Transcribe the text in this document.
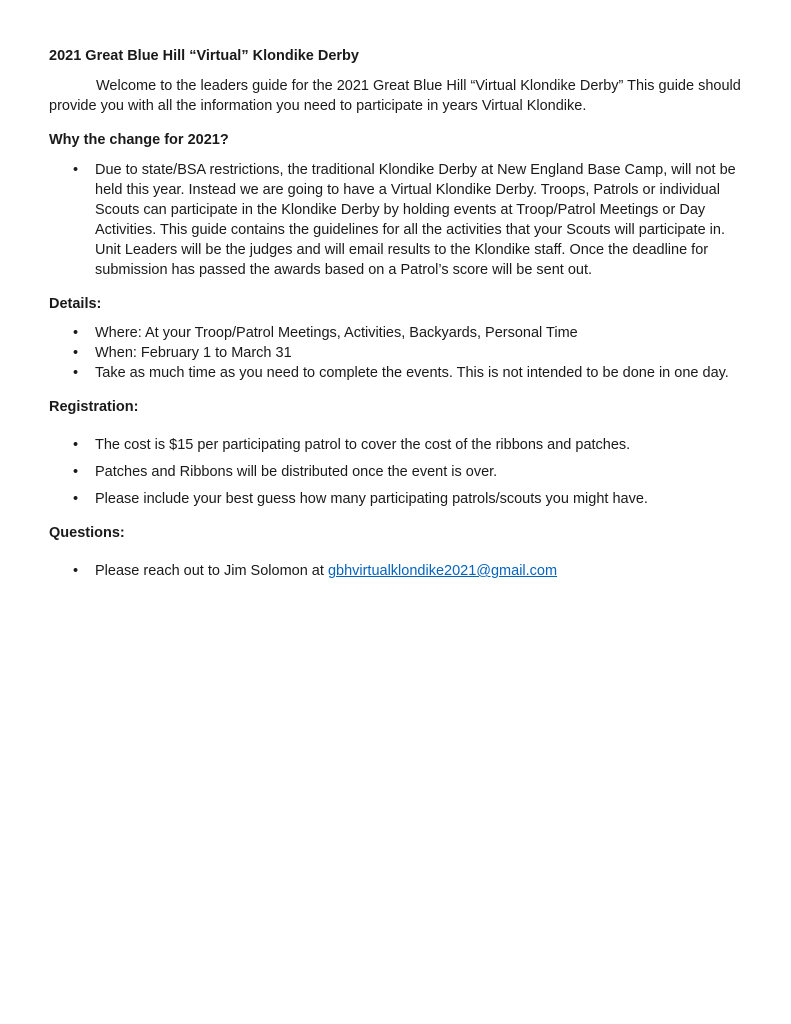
2021 Great Blue Hill “Virtual” Klondike Derby

Welcome to the leaders guide for the 2021 Great Blue Hill “Virtual Klondike Derby” This guide should provide you with all the information you need to participate in years Virtual Klondike.

Why the change for 2021?

• Due to state/BSA restrictions, the traditional Klondike Derby at New England Base Camp, will not be held this year. Instead we are going to have a Virtual Klondike Derby. Troops, Patrols or individual Scouts can participate in the Klondike Derby by holding events at Troop/Patrol Meetings or Day Activities. This guide contains the guidelines for all the activities that your Scouts will participate in. Unit Leaders will be the judges and will email results to the Klondike staff. Once the deadline for submission has passed the awards based on a Patrol’s score will be sent out.

Details:

• Where: At your Troop/Patrol Meetings, Activities, Backyards, Personal Time
• When: February 1 to March 31
• Take as much time as you need to complete the events. This is not intended to be done in one day.

Registration:

• The cost is $15 per participating patrol to cover the cost of the ribbons and patches.
• Patches and Ribbons will be distributed once the event is over.
• Please include your best guess how many participating patrols/scouts you might have.

Questions:

• Please reach out to Jim Solomon at gbhvirtualklondike2021@gmail.com
